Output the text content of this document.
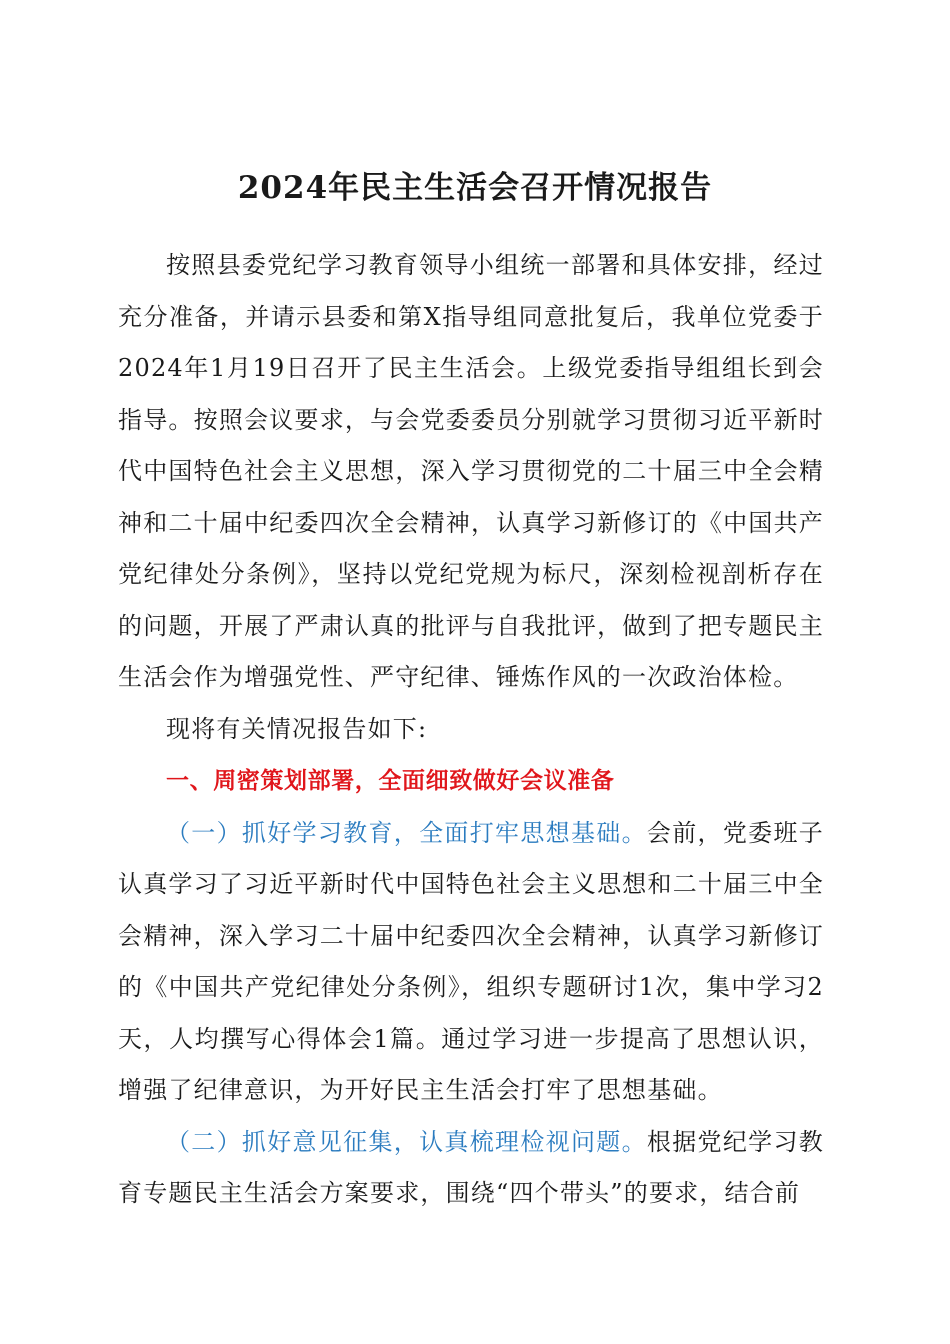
2024年民主生活会召开情况报告

按照县委党纪学习教育领导小组统一部署和具体安排，经过充分准备，并请示县委和第X指导组同意批复后，我单位党委于2024年1月19日召开了民主生活会。上级党委指导组组长到会指导。按照会议要求，与会党委委员分别就学习贯彻习近平新时代中国特色社会主义思想，深入学习贯彻党的二十届三中全会精神和二十届中纪委四次全会精神，认真学习新修订的《中国共产党纪律处分条例》，坚持以党纪党规为标尺，深刻检视剖析存在的问题，开展了严肃认真的批评与自我批评，做到了把专题民主生活会作为增强党性、严守纪律、锤炼作风的一次政治体检。

现将有关情况报告如下:

一、周密策划部署，全面细致做好会议准备

（一）抓好学习教育，全面打牢思想基础。会前，党委班子认真学习了习近平新时代中国特色社会主义思想和二十届三中全会精神，深入学习二十届中纪委四次全会精神，认真学习新修订的《中国共产党纪律处分条例》，组织专题研讨1次，集中学习2天，人均撰写心得体会1篇。通过学习进一步提高了思想认识，增强了纪律意识，为开好民主生活会打牢了思想基础。

（二）抓好意见征集，认真梳理检视问题。根据党纪学习教育专题民主生活会方案要求，围绕“四个带头”的要求，结合前
